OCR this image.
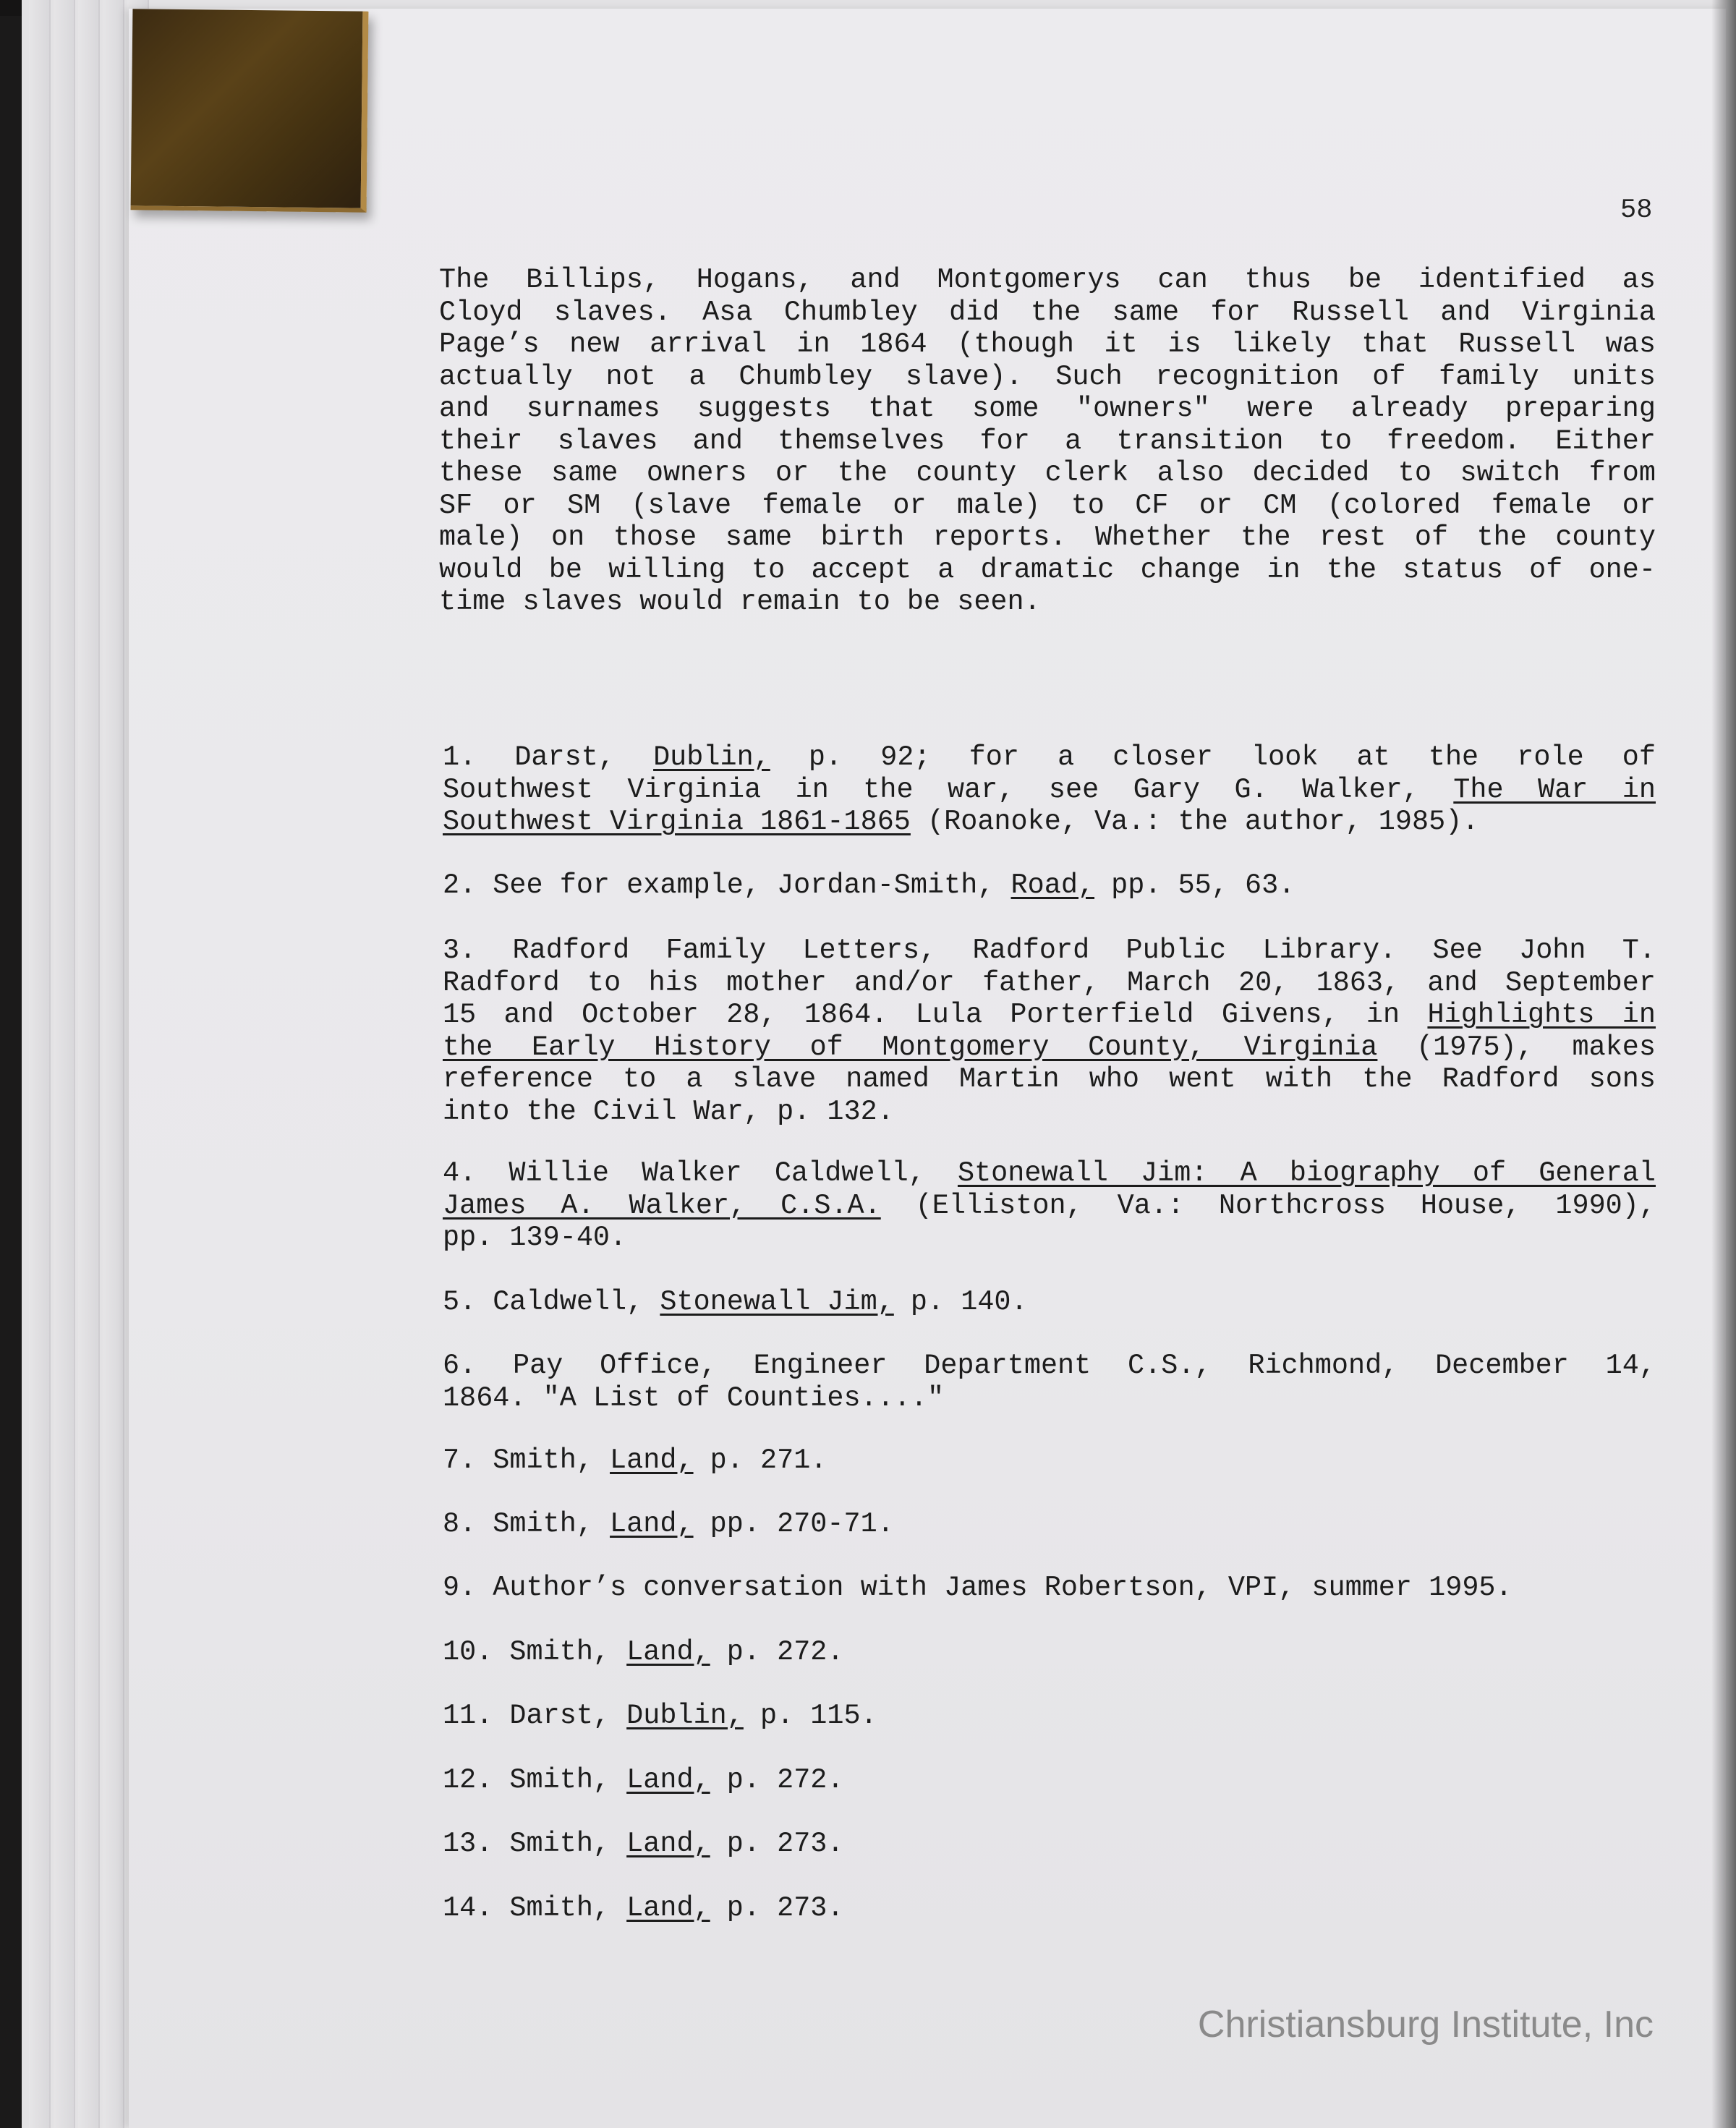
58
The Billips, Hogans, and Montgomerys can thus be identified as
Cloyd slaves. Asa Chumbley did the same for Russell and Virginia
Page’s new arrival in 1864 (though it is likely that Russell was
actually not a Chumbley slave). Such recognition of family units
and surnames suggests that some "owners" were already preparing
their slaves and themselves for a transition to freedom. Either
these same owners or the county clerk also decided to switch from
SF or SM (slave female or male) to CF or CM (colored female or
male) on those same birth reports. Whether the rest of the county
would be willing to accept a dramatic change in the status of one-
time slaves would remain to be seen.
1. Darst, Dublin, p. 92; for a closer look at the role of
Southwest Virginia in the war, see Gary G. Walker, The War in
Southwest Virginia 1861-1865 (Roanoke, Va.: the author, 1985).
2. See for example, Jordan-Smith, Road, pp. 55, 63.
3. Radford Family Letters, Radford Public Library. See John T.
Radford to his mother and/or father, March 20, 1863, and September
15 and October 28, 1864. Lula Porterfield Givens, in Highlights in
the Early History of Montgomery County, Virginia (1975), makes
reference to a slave named Martin who went with the Radford sons
into the Civil War, p. 132.
4. Willie Walker Caldwell, Stonewall Jim: A biography of General
James A. Walker, C.S.A. (Elliston, Va.: Northcross House, 1990),
pp. 139-40.
5. Caldwell, Stonewall Jim, p. 140.
6. Pay Office, Engineer Department C.S., Richmond, December 14,
1864. "A List of Counties...."
7. Smith, Land, p. 271.
8. Smith, Land, pp. 270-71.
9. Author’s conversation with James Robertson, VPI, summer 1995.
10. Smith, Land, p. 272.
11. Darst, Dublin, p. 115.
12. Smith, Land, p. 272.
13. Smith, Land, p. 273.
14. Smith, Land, p. 273.
Christiansburg Institute, Inc
